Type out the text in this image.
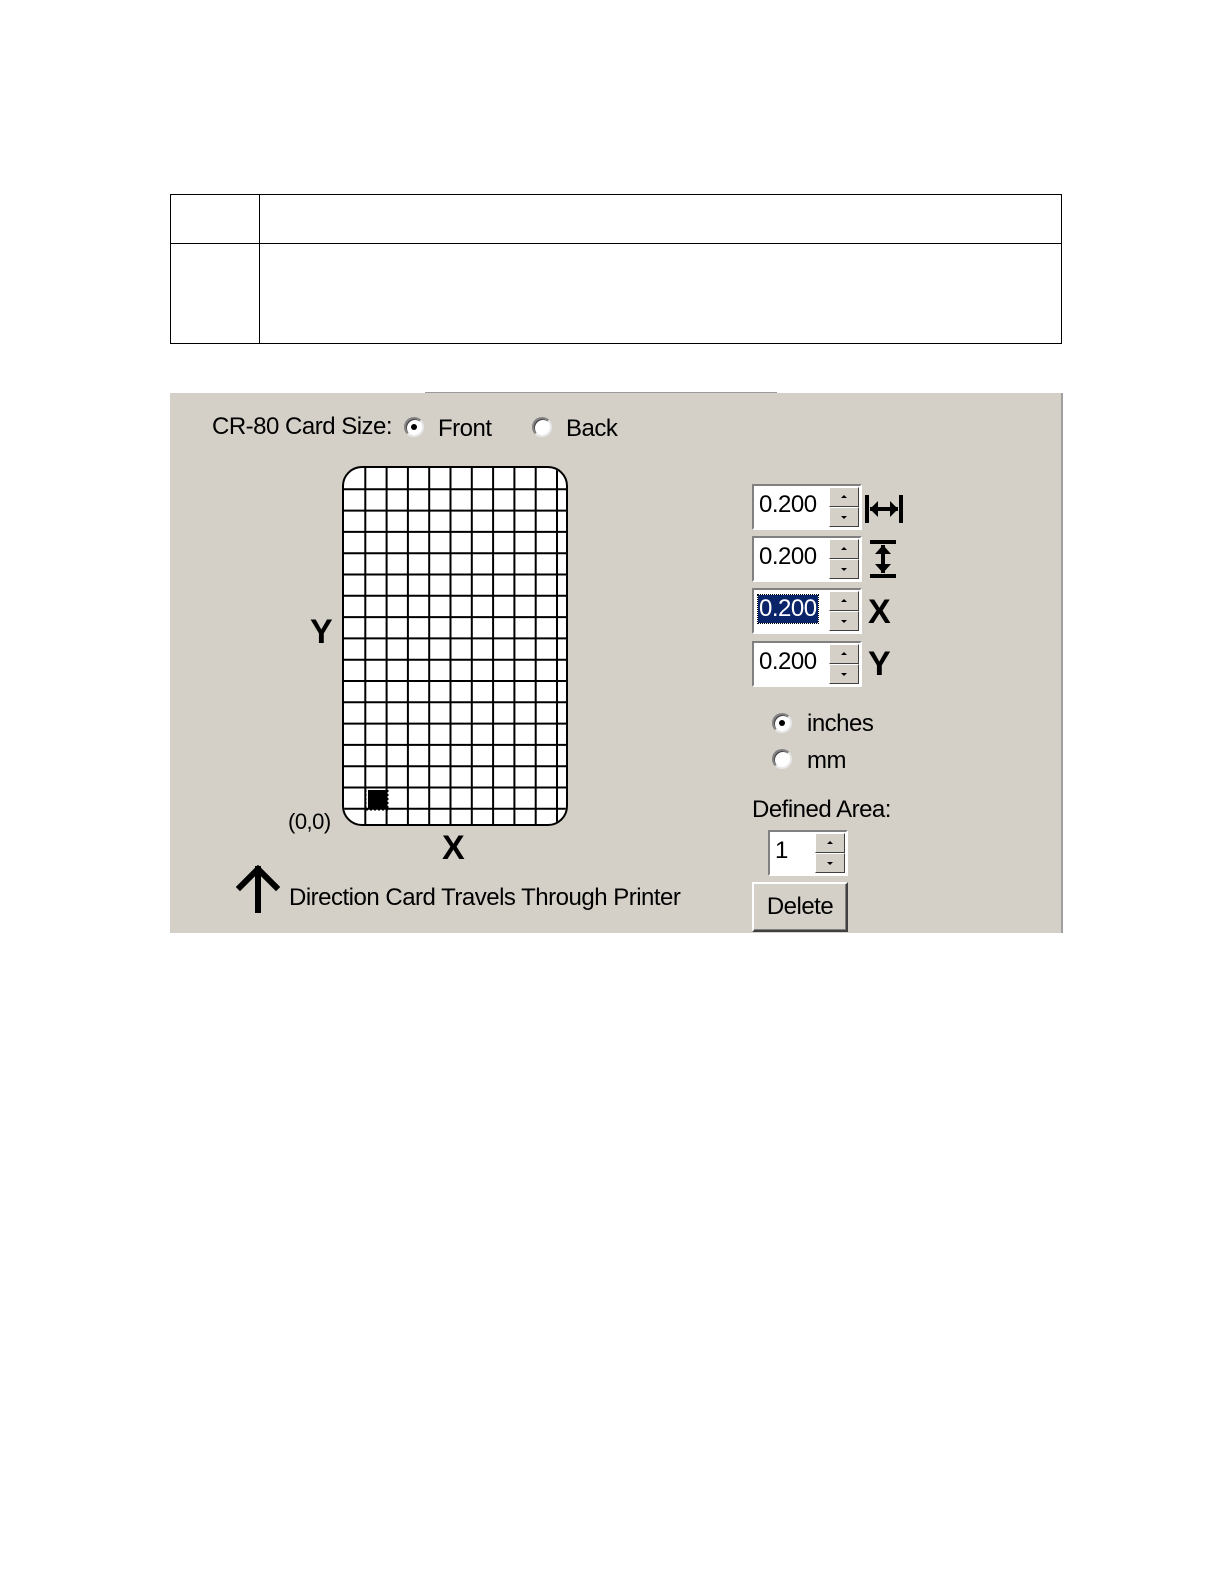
CR-80 Card Size: Front	Back
Y
X
(0,0)
Direction Card Travels Through Printer
0.200
0.200
0.200 X
0.200 Y
inches
mm
Defined Area:
1
Delete
